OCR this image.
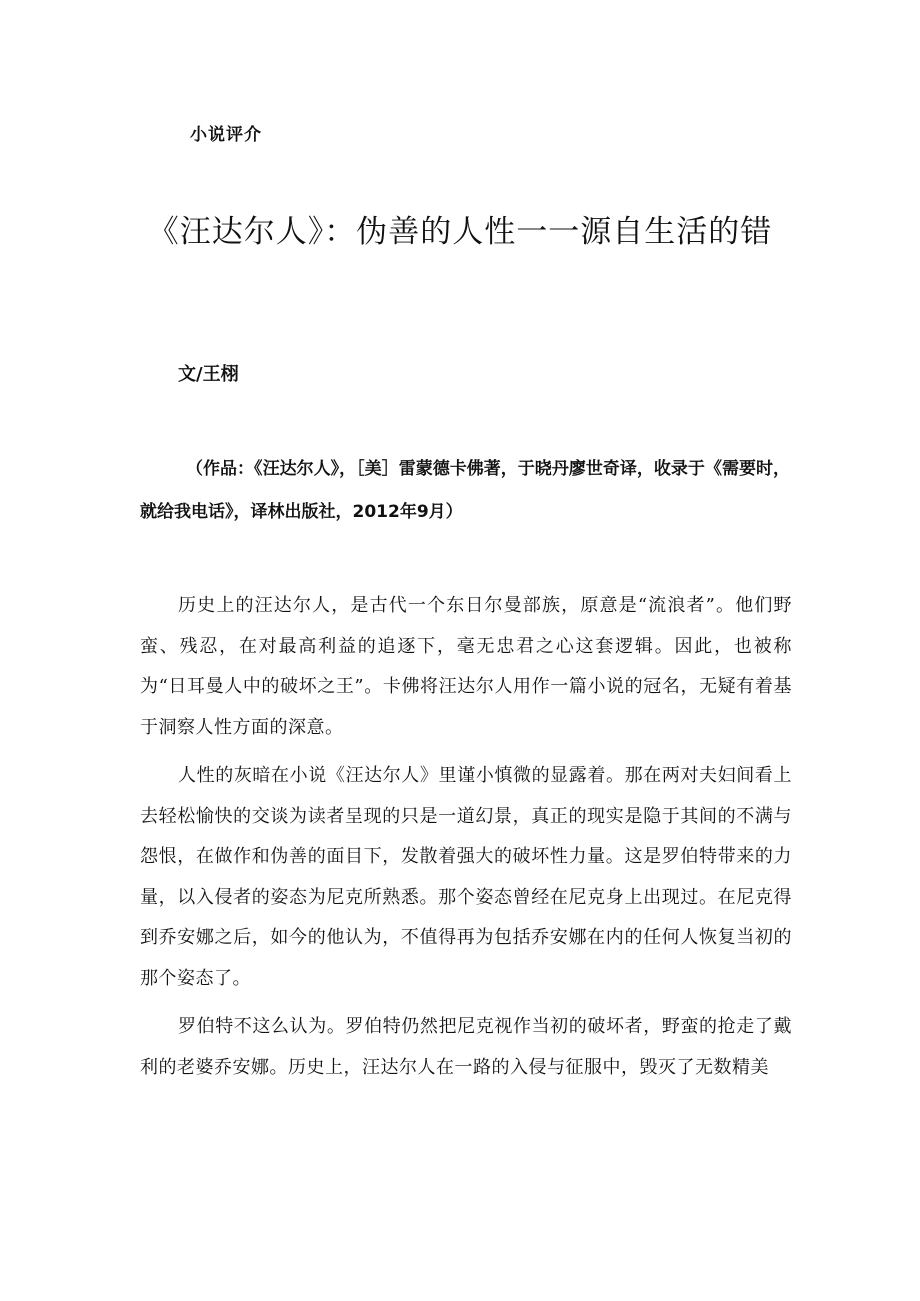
小说评介
《汪达尔人》：伪善的人性一一源自生活的错
文/王栩

（作品：《汪达尔人》，［美］雷蒙德卡佛著，于晓丹廖世奇译，收录于《需要时，就给我电话》，译林出版社，2012年9月）

历史上的汪达尔人，是古代一个东日尔曼部族，原意是“流浪者”。他们野蛮、残忍，在对最高利益的追逐下，毫无忠君之心这套逻辑。因此，也被称为“日耳曼人中的破坏之王”。卡佛将汪达尔人用作一篇小说的冠名，无疑有着基于洞察人性方面的深意。

人性的灰暗在小说《汪达尔人》里谨小慎微的显露着。那在两对夫妇间看上去轻松愉快的交谈为读者呈现的只是一道幻景，真正的现实是隐于其间的不满与怨恨，在做作和伪善的面目下，发散着强大的破坏性力量。这是罗伯特带来的力量，以入侵者的姿态为尼克所熟悉。那个姿态曾经在尼克身上出现过。在尼克得到乔安娜之后，如今的他认为，不值得再为包括乔安娜在内的任何人恢复当初的那个姿态了。

罗伯特不这么认为。罗伯特仍然把尼克视作当初的破坏者，野蛮的抢走了戴利的老婆乔安娜。历史上，汪达尔人在一路的入侵与征服中，毁灭了无数精美
